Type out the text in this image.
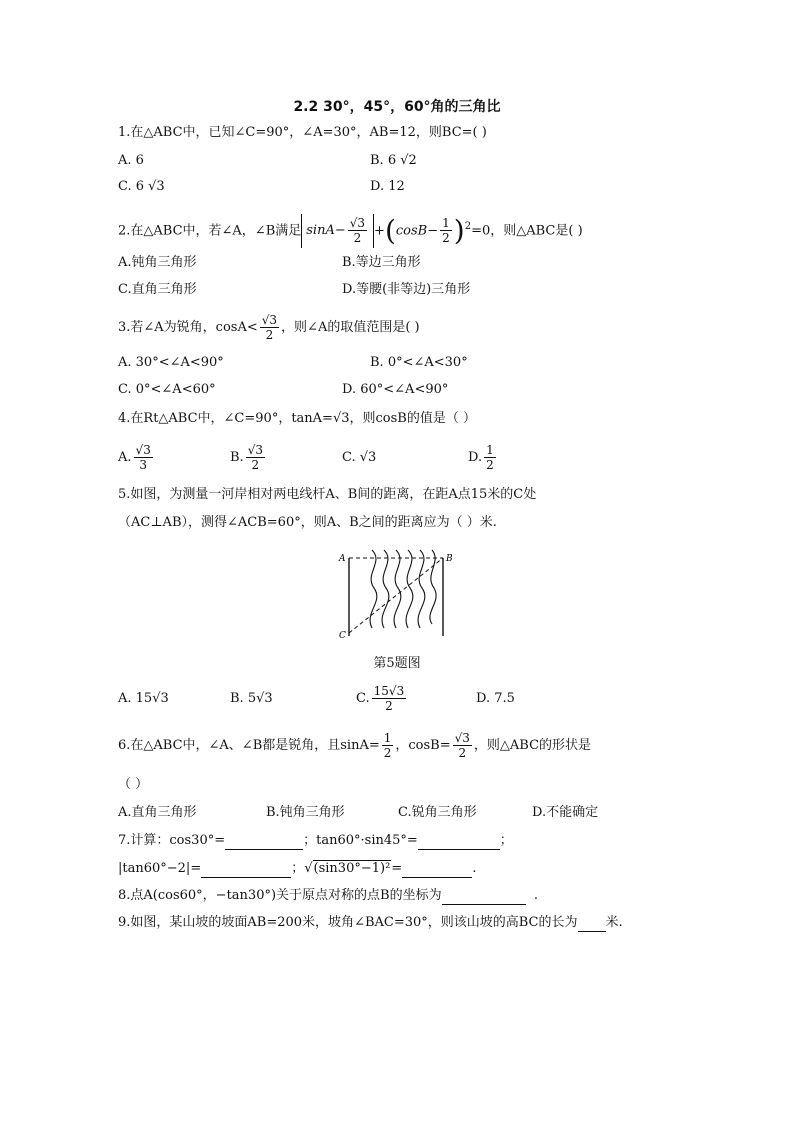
2.2 30°，45°，60°角的三角比
1.在△ABC中，已知∠C=90°，∠A=30°，AB=12，则BC=( )
A. 6	B. 6 √2
C. 6 √3	D. 12
2.在△ABC中，若∠A，∠B满足 $\sin A- \frac{√3}{2} +(\cos B- \frac{1}{2} )^2=0$，则△ABC是( )
A.钝角三角形	B.等边三角形
C.直角三角形	D.等腰(非等边)三角形
3.若∠A为锐角，$\cos A< \frac{√3}{2}$ ，则∠A的取值范围是( )
A. 30°<∠A<90°	B. 0°<∠A<30°
C. 0°<∠A<60°	D. 60°<∠A<90°
4.在Rt△ABC中，∠C=90°，tanA=√3，则cosB的值是（ ）
A. $\frac{√3}{3}$	B. $\frac{√3}{2}$	C. √3	D. $\frac{1}{2}$
5.如图，为测量一河岸相对两电线杆A、B间的距离，在距A点15米的C处
（AC⊥AB），测得∠ACB=60°，则A、B之间的距离应为（ ）米.
A	B
C
第5题图
A. 15√3	B. 5√3	C. $\frac{15√3}{2}$	D. 7.5
6.在△ABC中，∠A、∠B都是锐角，且$\sin A= \frac{1}{2}$ ，$\cos B= \frac{√3}{2}$ ，则△ABC的形状是
（ ）
A.直角三角形	B.钝角三角形	C.锐角三角形	D.不能确定
7.计算：cos30°=	；tan60°·sin45°=	；
|tan60°−2|=	；√(sin30°−1)²=	.
8.点A(cos60°，−tan30°)关于原点对称的点B的坐标为	.
9.如图，某山坡的坡面AB=200米，坡角∠BAC=30°，则该山坡的高BC的长为 米.
